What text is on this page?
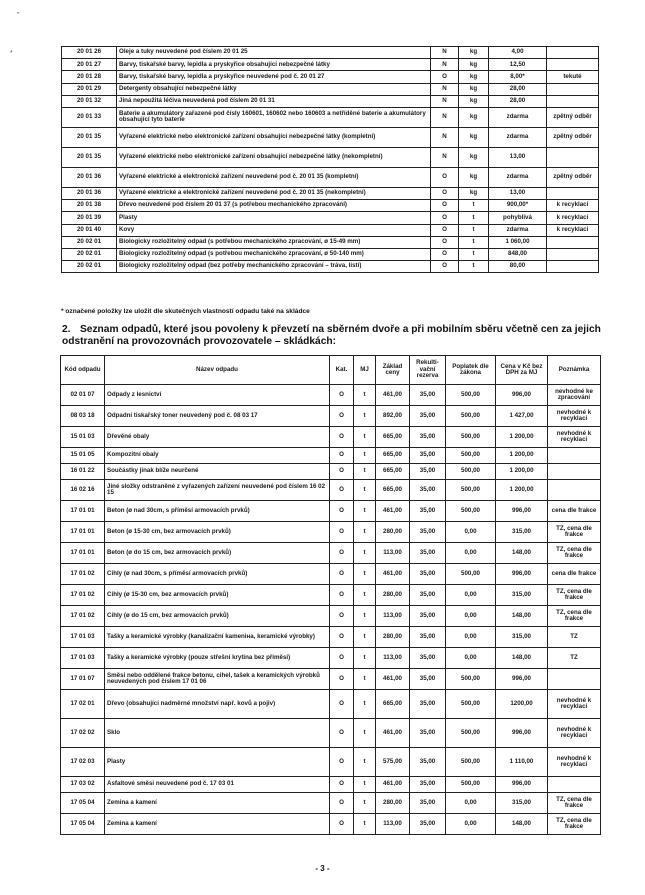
"
*	20 01 26	Oleje a tuky neuvedené pod číslem 20 01 25	N	kg	4,00	
20 01 27	Barvy, tiskařské barvy, lepidla a pryskyřice obsahující nebezpečné látky	N	kg	12,50	
20 01 28	Barvy, tiskařské barvy, lepidla a pryskyřice neuvedené pod č. 20 01 27	O	kg	8,00*	tekuté
20 01 29	Detergenty obsahující nebezpečné látky	N	kg	28,00	
20 01 32	Jiná nepoužitá léčiva neuvedená pod číslem 20 01 31	N	kg	28,00	
20 01 33	Baterie a akumulátory zařazené pod čísly 160601, 160602 nebo 160603 a netříděné baterie a akumulátory obsahující tyto baterie	N	kg	zdarma	zpětný odběr
20 01 35	Vyřazené elektrické nebo elektronické zařízení obsahující nebezpečné látky (kompletní)	N	kg	zdarma	zpětný odběr
20 01 35	Vyřazené elektrické nebo elektronické zařízení obsahující nebezpečné látky (nekompletní)	N	kg	13,00	
20 01 36	Vyřazené elektrické a elektronické zařízení neuvedené pod č. 20 01 35 (kompletní)	O	kg	zdarma	zpětný odběr
20 01 36	Vyřazené elektrické a elektronické zařízení neuvedené pod č. 20 01 35 (nekompletní)	O	kg	13,00	
20 01 38	Dřevo neuvedené pod číslem 20 01 37 (s potřebou mechanického zpracování)	O	t	900,00*	k recyklaci
20 01 39	Plasty	O	t	pohyblivá	k recyklaci
20 01 40	Kovy	O	t	zdarma	k recyklaci
20 02 01	Biologicky rozložitelný odpad (s potřebou mechanického zpracování, ø 15-49 mm)	O	t	1 060,00	
20 02 01	Biologicky rozložitelný odpad (s potřebou mechanického zpracování, ø 50-140 mm)	O	t	848,00	
20 02 01	Biologicky rozložitelný odpad (bez potřeby mechanického zpracování – tráva, listí)	O	t	80,00	
* označené položky lze uložit dle skutečných vlastností odpadu také na skládce
2. Seznam odpadů, které jsou povoleny k převzetí na sběrném dvoře a při mobilním sběru včetně cen za jejich odstranění na provozovnách provozovatele – skládkách:
Kód odpadu	Název odpadu	Kat.	MJ	Základ ceny	Rekulti-vační rezerva	Poplatek dle zákona	Cena v Kč bez DPH za MJ	Poznámka
02 01 07	Odpady z lesnictví	O	t	461,00	35,00	500,00	996,00	nevhodné ke zpracování
08 03 18	Odpadní tiskařský toner neuvedený pod č. 08 03 17	O	t	892,00	35,00	500,00	1 427,00	nevhodné k recyklaci
15 01 03	Dřevěné obaly	O	t	665,00	35,00	500,00	1 200,00	nevhodné k recyklaci
15 01 05	Kompozitní obaly	O	t	665,00	35,00	500,00	1 200,00	
16 01 22	Součástky jinak blíže neurčené	O	t	665,00	35,00	500,00	1 200,00	
16 02 16	Jiné složky odstraněné z vyřazených zařízení neuvedené pod číslem 16 02 15	O	t	665,00	35,00	500,00	1 200,00	
17 01 01	Beton (ø nad 30cm, s příměsí armovacích prvků)	O	t	461,00	35,00	500,00	996,00	cena dle frakce
17 01 01	Beton (ø 15-30 cm, bez armovacích prvků)	O	t	280,00	35,00	0,00	315,00	TZ, cena dle frakce
17 01 01	Beton (ø do 15 cm, bez armovacích prvků)	O	t	113,00	35,00	0,00	148,00	TZ, cena dle frakce
17 01 02	Cihly (ø nad 30cm, s příměsí armovacích prvků)	O	t	461,00	35,00	500,00	996,00	cena dle frakce
17 01 02	Cihly (ø 15-30 cm, bez armovacích prvků)	O	t	280,00	35,00	0,00	315,00	TZ, cena dle frakce
17 01 02	Cihly (ø do 15 cm, bez armovacích prvků)	O	t	113,00	35,00	0,00	148,00	TZ, cena dle frakce
17 01 03	Tašky a keramické výrobky (kanalizační kameniна, keramické výrobky)	O	t	280,00	35,00	0,00	315,00	TZ
17 01 03	Tašky a keramické výrobky (pouze střešní krytina bez příměsí)	O	t	113,00	35,00	0,00	148,00	TZ
17 01 07	Směsi nebo oddělené frakce betonu, cihel, tašek a keramických výrobků neuvedených pod číslem 17 01 06	O	t	461,00	35,00	500,00	996,00	
17 02 01	Dřevo (obsahující nadměrné množství např. kovů a pojiv)	O	t	665,00	35,00	500,00	1200,00	nevhodné k recyklaci
17 02 02	Sklo	O	t	461,00	35,00	500,00	996,00	nevhodné k recyklaci
17 02 03	Plasty	O	t	575,00	35,00	500,00	1 110,00	nevhodné k recyklaci
17 03 02	Asfaltové směsi neuvedené pod č. 17 03 01	O	t	461,00	35,00	500,00	996,00	
17 05 04	Zemina a kamení	O	t	280,00	35,00	0,00	315,00	TZ, cena dle frakce
17 05 04	Zemina a kamení	O	t	113,00	35,00	0,00	148,00	TZ, cena dle frakce
- 3 -
